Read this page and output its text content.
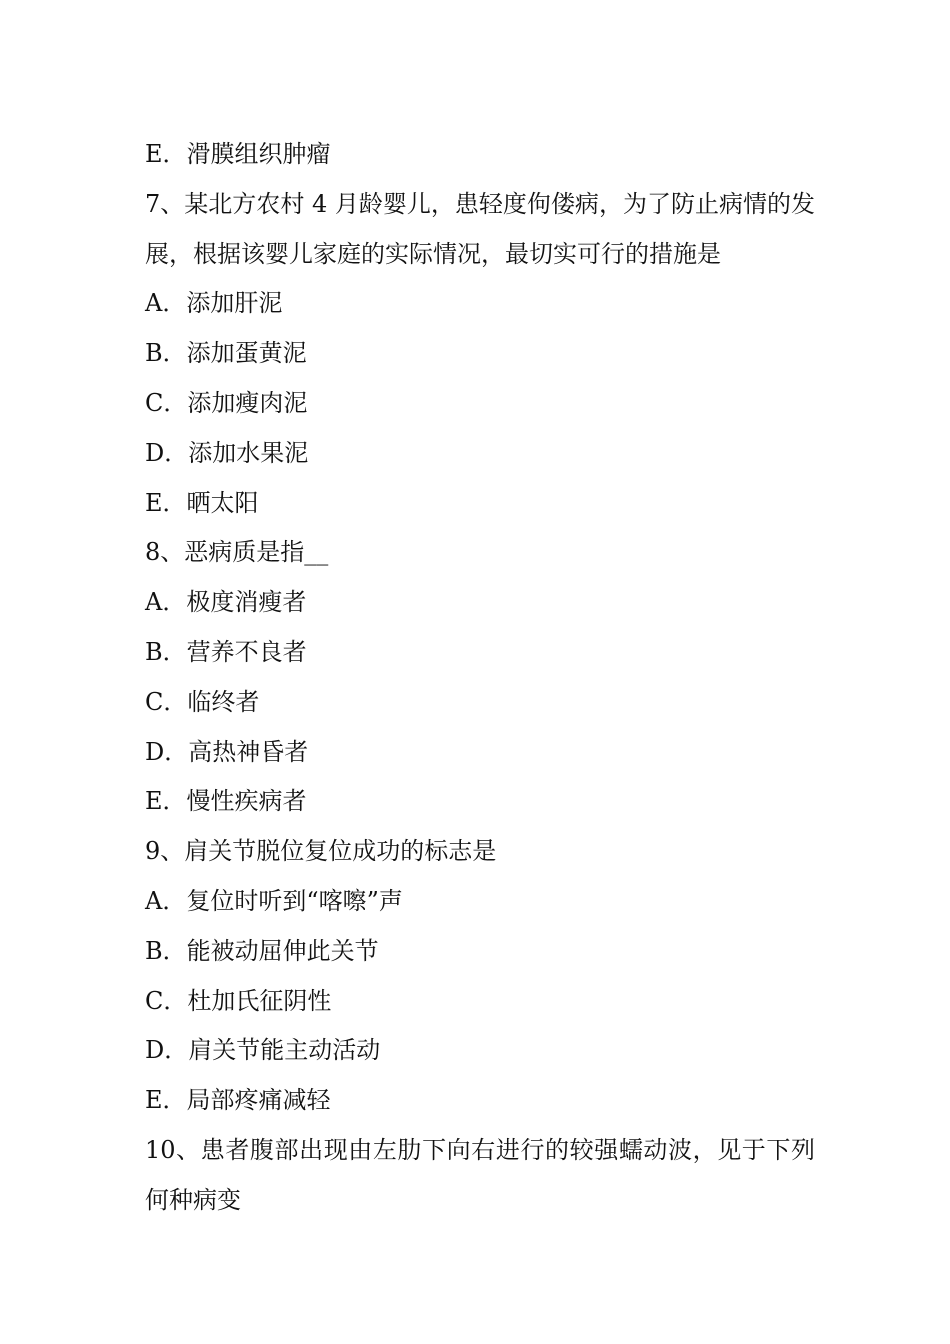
E．滑膜组织肿瘤
7、某北方农村 4 月龄婴儿，患轻度佝偻病，为了防止病情的发展，根据该婴儿家庭的实际情况，最切实可行的措施是
A．添加肝泥
B．添加蛋黄泥
C．添加瘦肉泥
D．添加水果泥
E．晒太阳
8、恶病质是指__
A．极度消瘦者
B．营养不良者
C．临终者
D．高热神昏者
E．慢性疾病者
9、肩关节脱位复位成功的标志是
A．复位时听到“喀嚓”声
B．能被动屈伸此关节
C．杜加氏征阴性
D．肩关节能主动活动
E．局部疼痛减轻
10、患者腹部出现由左肋下向右进行的较强蠕动波，见于下列何种病变
